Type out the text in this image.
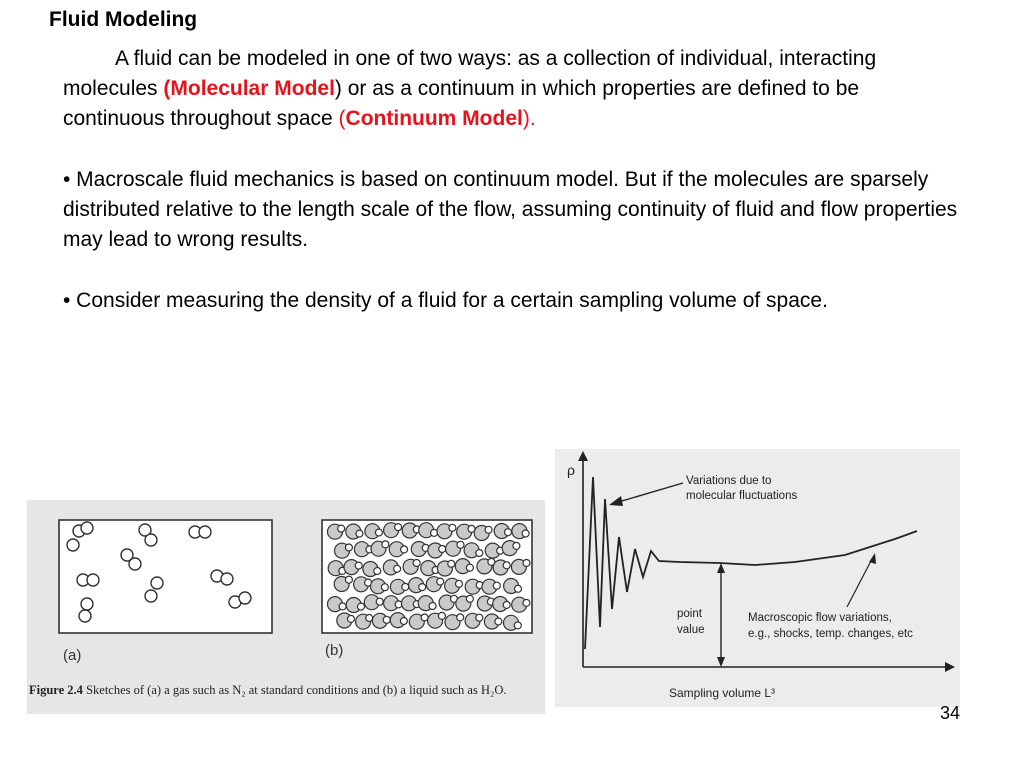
Fluid Modeling

A fluid can be modeled in one of two ways: as a collection of individual, interacting molecules (Molecular Model) or as a continuum in which properties are defined to be continuous throughout space (Continuum Model).

• Macroscale fluid mechanics is based on continuum model. But if the molecules are sparsely distributed relative to the length scale of the flow, assuming continuity of fluid and flow properties may lead to wrong results.

• Consider measuring the density of a fluid for a certain sampling volume of space.

(a)	(b)
Figure 2.4 Sketches of (a) a gas such as N₂ at standard conditions and (b) a liquid such as H₂O.
ρ
Variations due to
molecular fluctuations
point
value
Macroscopic flow variations,
e.g., shocks, temp. changes, etc
Sampling volume L³
34
